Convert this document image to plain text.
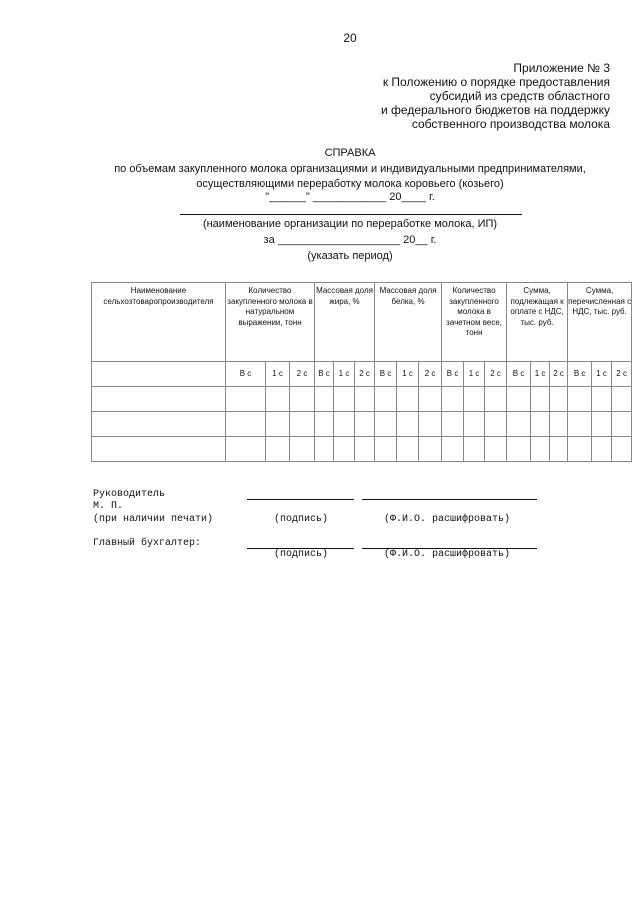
20
Приложение № 3
к Положению о порядке предоставления
субсидий из средств областного
и федерального бюджетов на поддержку
собственного производства молока
СПРАВКА
по объемам закупленного молока организациями и индивидуальными предпринимателями,
осуществляющими переработку молока коровьего (козьего)
"______" ____________ 20____ г.
(наименование организации по переработке молока, ИП)
за ____________________ 20__ г.
(указать период)
Наименование сельхозтоваропроизводителя	Количество закупленного молока в натуральном выражении, тонн			Массовая доля жира, %			Массовая доля белка, %			Количество закупленного молока в зачетном весе, тонн			Сумма, подлежащая к оплате с НДС, тыс. руб.			Сумма, перечисленная с НДС, тыс. руб.		
	В с	1 с	2 с	В с	1 с	2 с	В с	1 с	2 с	В с	1 с	2 с	В с	1 с	2 с	В с	1 с	2 с

Руководитель
М. П.
(при наличии печати)	(подпись)	(Ф.И.О. расшифровать)
Главный бухгалтер:
(подпись)	(Ф.И.О. расшифровать)
